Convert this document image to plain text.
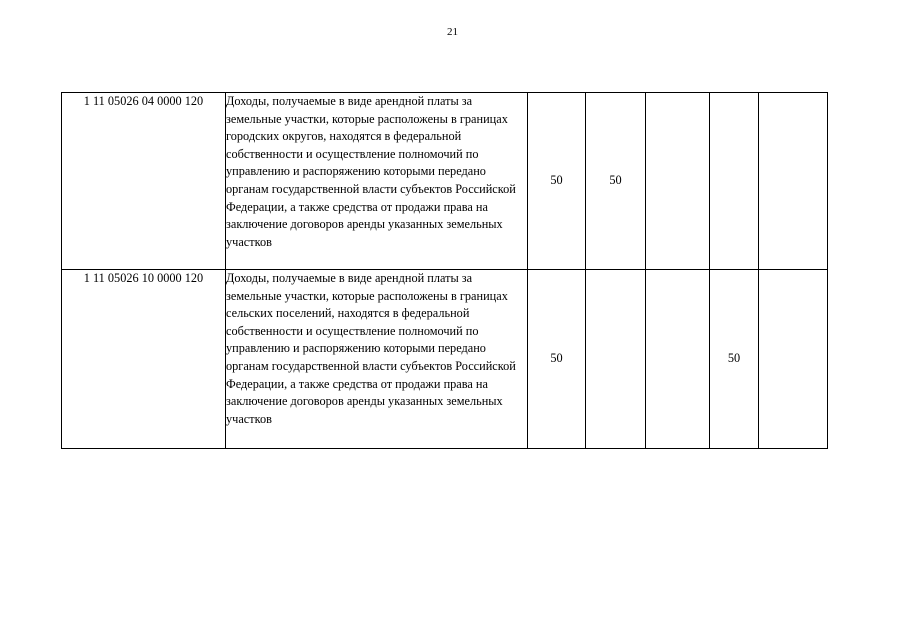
21
1 11 05026 04 0000 120	Доходы, получаемые в виде арендной платы за земельные участки, которые расположены в границах городских округов, находятся в федеральной собственности и осуществление полномочий по управлению и распоряжению которыми передано органам государственной власти субъектов Российской Федерации, а также средства от продажи права на заключение договоров аренды указанных земельных участков	50	50			
1 11 05026 10 0000 120	Доходы, получаемые в виде арендной платы за земельные участки, которые расположены в границах сельских поселений, находятся в федеральной собственности и осуществление полномочий по управлению и распоряжению которыми передано органам государственной власти субъектов Российской Федерации, а также средства от продажи права на заключение договоров аренды указанных земельных участков	50			50	
